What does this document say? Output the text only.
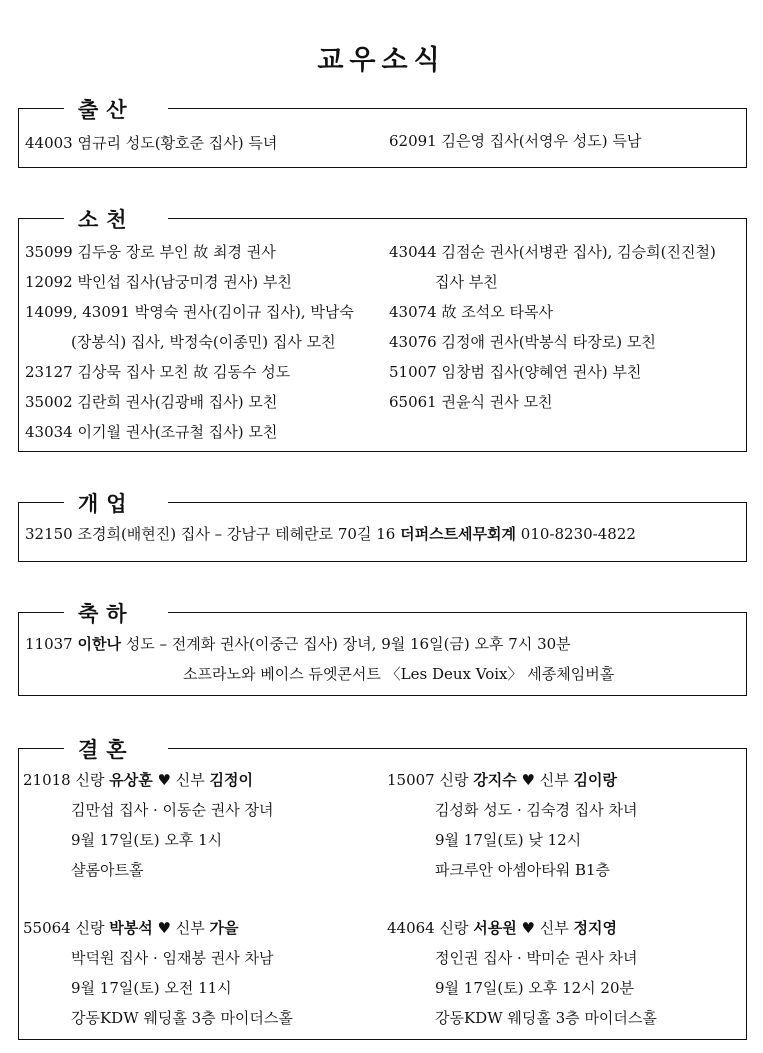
교우소식
출산
44003 염규리 성도(황호준 집사) 득녀	62091 김은영 집사(서영우 성도) 득남
소천
35099 김두웅 장로 부인 故 최경 권사
12092 박인섭 집사(남궁미경 권사) 부친
14099, 43091 박영숙 권사(김이규 집사), 박남숙
(장봉식) 집사, 박정숙(이종민) 집사 모친
23127 김상묵 집사 모친 故 김동수 성도
35002 김란희 권사(김광배 집사) 모친
43034 이기월 권사(조규철 집사) 모친
43044 김점순 권사(서병관 집사), 김승희(진진철)
집사 부친
43074 故 조석오 타목사
43076 김정애 권사(박봉식 타장로) 모친
51007 임창범 집사(양혜연 권사) 부친
65061 권윤식 권사 모친
개업
32150 조경희(배현진) 집사 – 강남구 테헤란로 70길 16 더퍼스트세무회계 010-8230-4822
축하
11037 이한나 성도 – 전계화 권사(이중근 집사) 장녀, 9월 16일(금) 오후 7시 30분
소프라노와 베이스 듀엣콘서트 〈Les Deux Voix〉 세종체임버홀
결혼
21018 신랑 유상훈 ♥ 신부 김정이
김만섭 집사 · 이동순 권사 장녀
9월 17일(토) 오후 1시
샬롬아트홀
15007 신랑 강지수 ♥ 신부 김이랑
김성화 성도 · 김숙경 집사 차녀
9월 17일(토) 낮 12시
파크루안 아셈아타워 B1층
55064 신랑 박봉석 ♥ 신부 가을
박덕원 집사 · 임재봉 권사 차남
9월 17일(토) 오전 11시
강동KDW 웨딩홀 3층 마이더스홀
44064 신랑 서용원 ♥ 신부 정지영
정인권 집사 · 박미순 권사 차녀
9월 17일(토) 오후 12시 20분
강동KDW 웨딩홀 3층 마이더스홀
